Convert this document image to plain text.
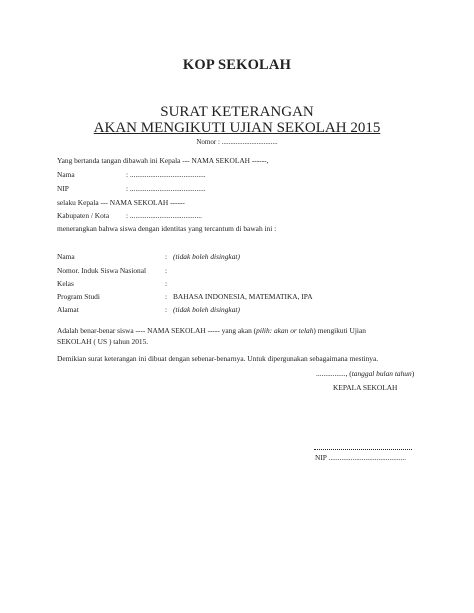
KOP SEKOLAH
SURAT KETERANGAN
AKAN MENGIKUTI UJIAN SEKOLAH 2015
Nomor : ................................
Yang bertanda tangan dibawah ini Kepala --- NAMA SEKOLAH ------,
Nama	: .........................................
NIP	: .........................................
selaku Kepala --- NAMA SEKOLAH ------
Kabupaten / Kota : .......................................
menerangkan bahwa siswa dengan identitas yang tercantum di bawah ini :
Nama	: (tidak boleh disingkat)
Nomor. Induk Siswa Nasional	:
Kelas	:
Program Studi	: BAHASA INDONESIA, MATEMATIKA, IPA
Alamat	: (tidak boleh disingkat)
Adalah benar-benar siswa ---- NAMA SEKOLAH ----- yang akan (pilih: akan or telah) mengikuti Ujian
SEKOLAH ( US ) tahun 2015.
Demikian surat keterangan ini dibuat dengan sebenar-benarnya. Untuk dipergunakan sebagaimana mestinya.
................, (tanggal bulan tahun)
KEPALA SEKOLAH
NIP ..........................................
